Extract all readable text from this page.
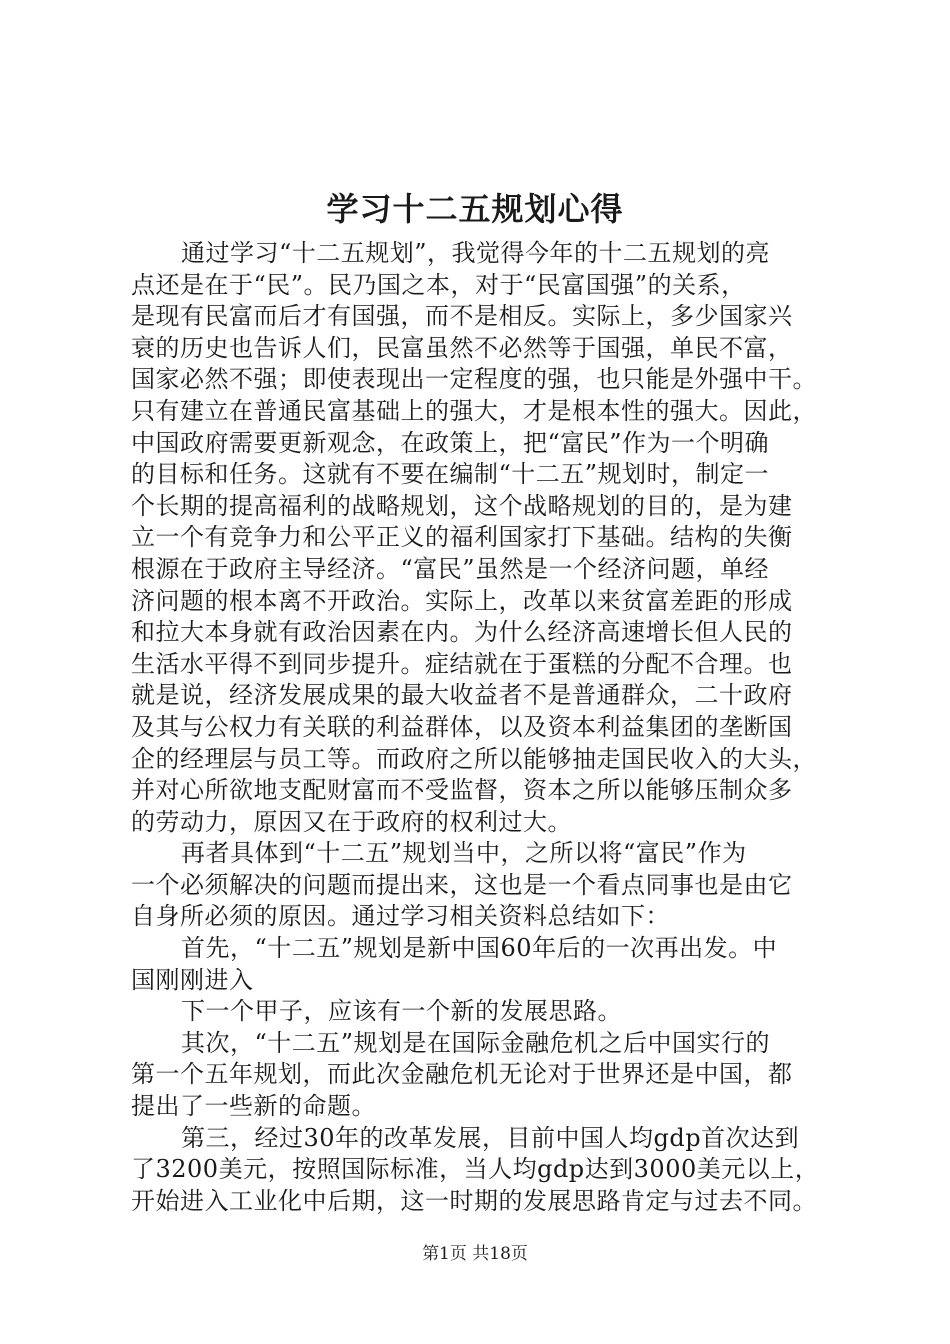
学习十二五规划心得
通过学习“十二五规划”，我觉得今年的十二五规划的亮
点还是在于“民”。民乃国之本，对于“民富国强”的关系，
是现有民富而后才有国强，而不是相反。实际上，多少国家兴
衰的历史也告诉人们，民富虽然不必然等于国强，单民不富，
国家必然不强；即使表现出一定程度的强，也只能是外强中干。
只有建立在普通民富基础上的强大，才是根本性的强大。因此，
中国政府需要更新观念，在政策上，把“富民”作为一个明确
的目标和任务。这就有不要在编制“十二五”规划时，制定一
个长期的提高福利的战略规划，这个战略规划的目的，是为建
立一个有竞争力和公平正义的福利国家打下基础。结构的失衡
根源在于政府主导经济。“富民”虽然是一个经济问题，单经
济问题的根本离不开政治。实际上，改革以来贫富差距的形成
和拉大本身就有政治因素在内。为什么经济高速增长但人民的
生活水平得不到同步提升。症结就在于蛋糕的分配不合理。也
就是说，经济发展成果的最大收益者不是普通群众，二十政府
及其与公权力有关联的利益群体，以及资本利益集团的垄断国
企的经理层与员工等。而政府之所以能够抽走国民收入的大头，
并对心所欲地支配财富而不受监督，资本之所以能够压制众多
的劳动力，原因又在于政府的权利过大。
再者具体到“十二五”规划当中，之所以将“富民”作为
一个必须解决的问题而提出来，这也是一个看点同事也是由它
自身所必须的原因。通过学习相关资料总结如下：
首先，“十二五”规划是新中国60年后的一次再出发。中
国刚刚进入
下一个甲子，应该有一个新的发展思路。
其次，“十二五”规划是在国际金融危机之后中国实行的
第一个五年规划，而此次金融危机无论对于世界还是中国，都
提出了一些新的命题。
第三，经过30年的改革发展，目前中国人均gdp首次达到
了3200美元，按照国际标准，当人均gdp达到3000美元以上，
开始进入工业化中后期，这一时期的发展思路肯定与过去不同。
第1页 共18页
